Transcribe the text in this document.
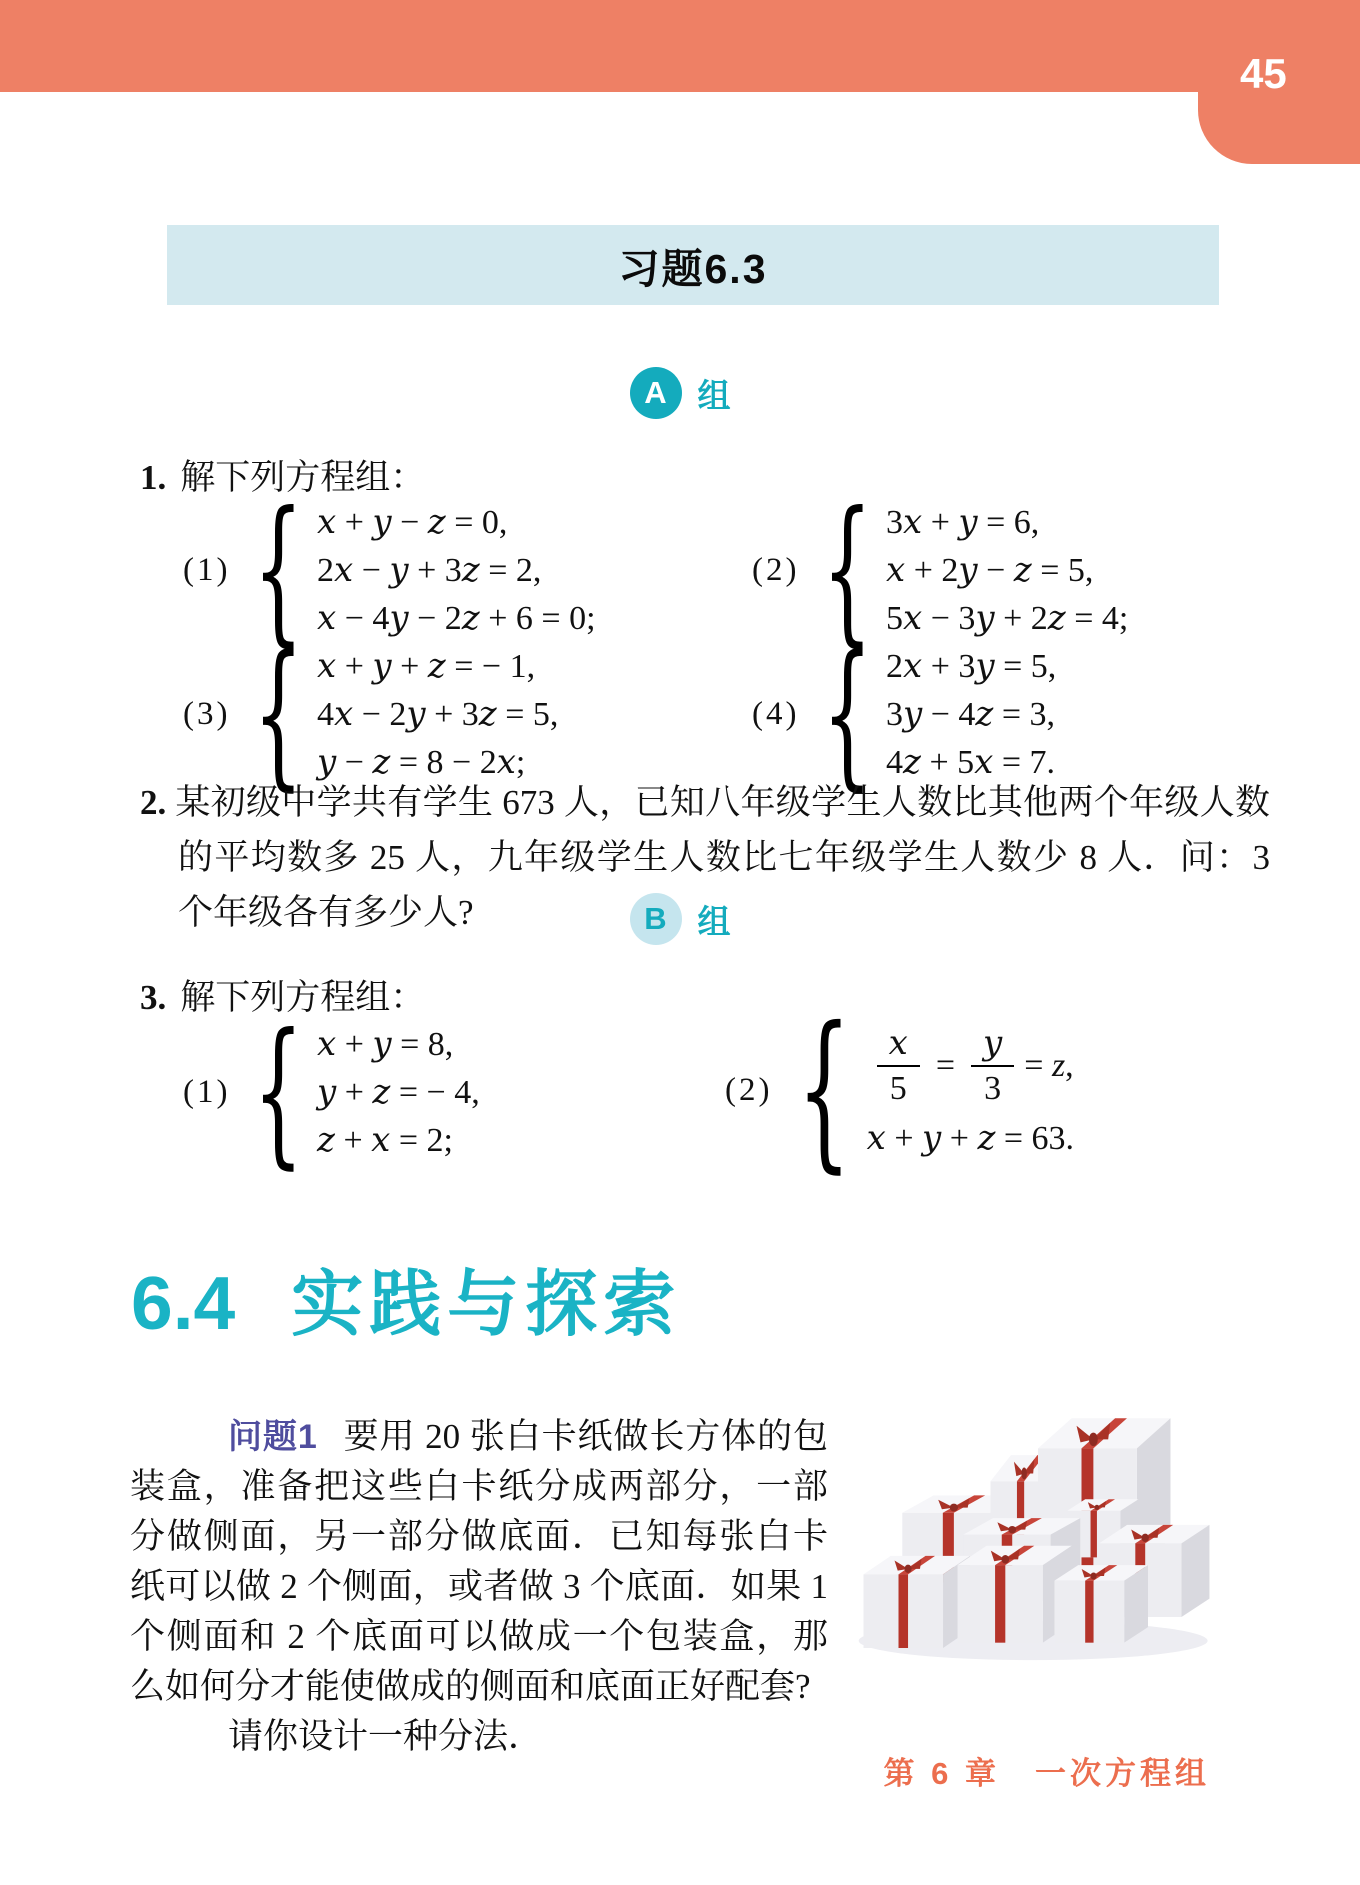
45
习题6.3
A 组
1. 解下列方程组：
(1) { x + y − z = 0,
2x − y + 3z = 2,
x − 4y − 2z + 6 = 0;
(2) { 3x + y = 6,
x + 2y − z = 5,
5x − 3y + 2z = 4;
(3) { x + y + z = − 1,
4x − 2y + 3z = 5,
y − z = 8 − 2x;
(4) { 2x + 3y = 5,
3y − 4z = 3,
4z + 5x = 7.
2.  某初级中学共有学生 673 人，已知八年级学生人数比其他两个年级人数的平均数多 25 人，九年级学生人数比七年级学生人数少 8 人．问：3 个年级各有多少人?	B 组
3. 解下列方程组：
(1) { x + y = 8,
y + z = − 4,
z + x = 2;
(2) { $\frac{x}{5} = \frac{y}{3} = z$,
x + y + z = 63.
6.4 实践与探索

问题1 要用 20 张白卡纸做长方体的包装盒，准备把这些白卡纸分成两部分，一部分做侧面，另一部分做底面．已知每张白卡纸可以做 2 个侧面，或者做 3 个底面．如果 1 个侧面和 2 个底面可以做成一个包装盒，那么如何分才能使做成的侧面和底面正好配套?

请你设计一种分法．

第 6 章　一次方程组
